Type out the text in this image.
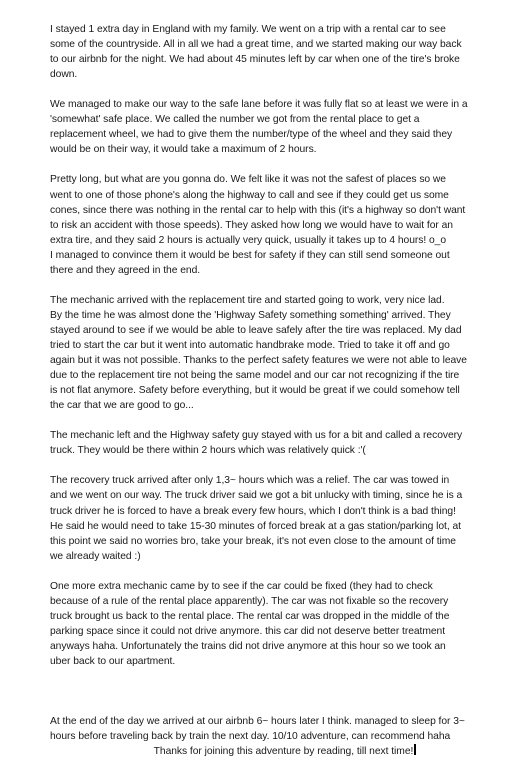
I stayed 1 extra day in England with my family. We went on a trip with a rental car to see
some of the countryside. All in all we had a great time, and we started making our way back
to our airbnb for the night. We had about 45 minutes left by car when one of the tire's broke
down.
We managed to make our way to the safe lane before it was fully flat so at least we were in a
'somewhat' safe place. We called the number we got from the rental place to get a
replacement wheel, we had to give them the number/type of the wheel and they said they
would be on their way, it would take a maximum of 2 hours.
Pretty long, but what are you gonna do. We felt like it was not the safest of places so we
went to one of those phone's along the highway to call and see if they could get us some
cones, since there was nothing in the rental car to help with this (it's a highway so don't want
to risk an accident with those speeds). They asked how long we would have to wait for an
extra tire, and they said 2 hours is actually very quick, usually it takes up to 4 hours! o_o
I managed to convince them it would be best for safety if they can still send someone out
there and they agreed in the end.
The mechanic arrived with the replacement tire and started going to work, very nice lad.
By the time he was almost done the 'Highway Safety something something' arrived. They
stayed around to see if we would be able to leave safely after the tire was replaced. My dad
tried to start the car but it went into automatic handbrake mode. Tried to take it off and go
again but it was not possible. Thanks to the perfect safety features we were not able to leave
due to the replacement tire not being the same model and our car not recognizing if the tire
is not flat anymore. Safety before everything, but it would be great if we could somehow tell
the car that we are good to go...
The mechanic left and the Highway safety guy stayed with us for a bit and called a recovery
truck. They would be there within 2 hours which was relatively quick :'(
The recovery truck arrived after only 1,3~ hours which was a relief. The car was towed in
and we went on our way. The truck driver said we got a bit unlucky with timing, since he is a
truck driver he is forced to have a break every few hours, which I don't think is a bad thing!
He said he would need to take 15-30 minutes of forced break at a gas station/parking lot, at
this point we said no worries bro, take your break, it's not even close to the amount of time
we already waited :)
One more extra mechanic came by to see if the car could be fixed (they had to check
because of a rule of the rental place apparently). The car was not fixable so the recovery
truck brought us back to the rental place. The rental car was dropped in the middle of the
parking space since it could not drive anymore. this car did not deserve better treatment
anyways haha. Unfortunately the trains did not drive anymore at this hour so we took an
uber back to our apartment.

At the end of the day we arrived at our airbnb 6~ hours later I think. managed to sleep for 3~
hours before traveling back by train the next day. 10/10 adventure, can recommend haha
Thanks for joining this adventure by reading, till next time!
